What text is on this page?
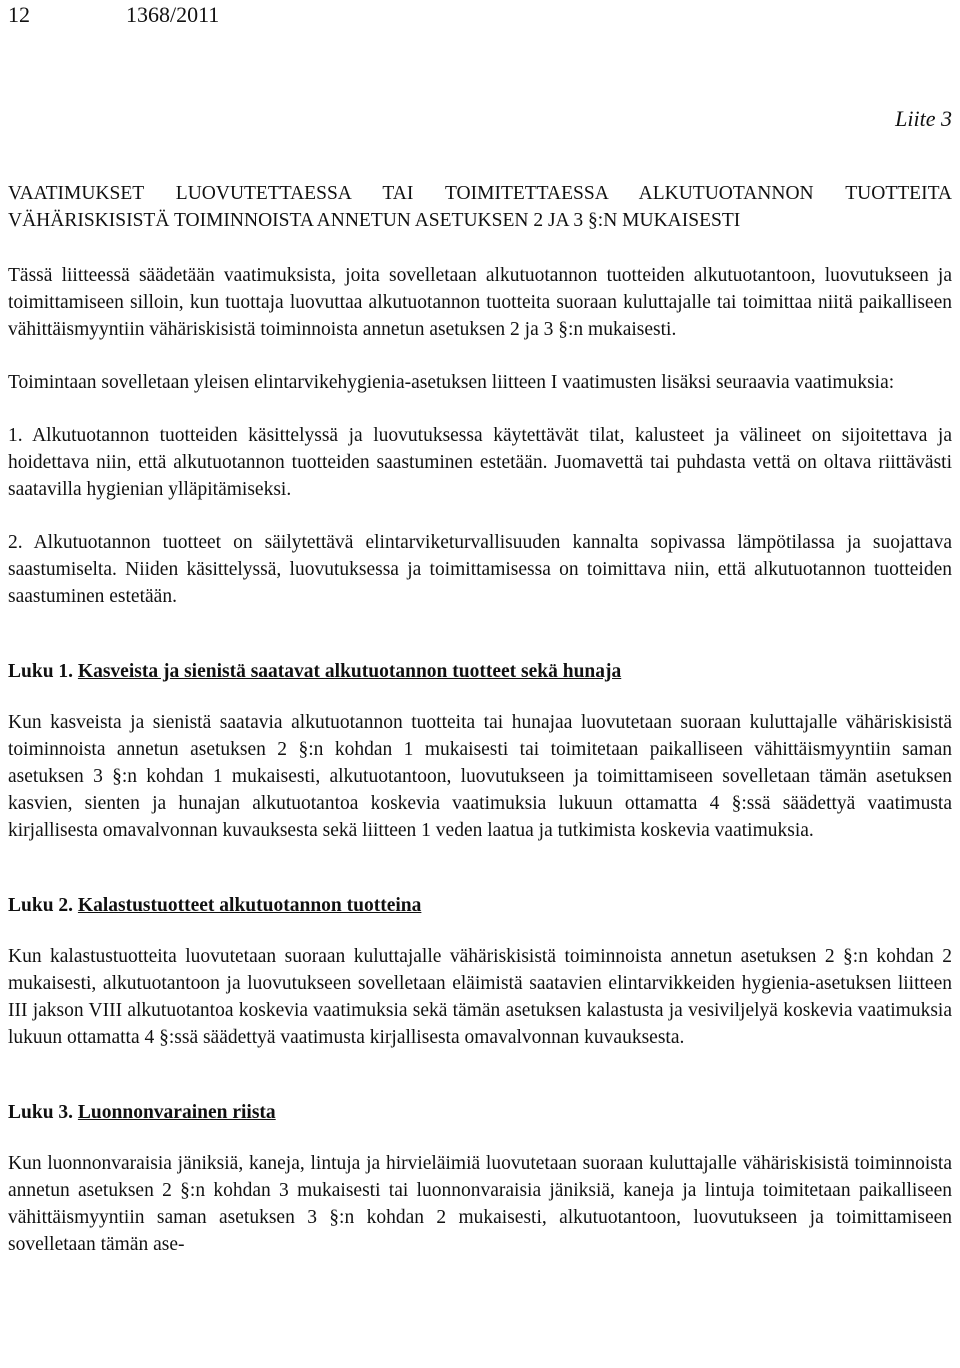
12	1368/2011
Liite 3
VAATIMUKSET LUOVUTETTAESSA TAI TOIMITETTAESSA ALKUTUOTANNON TUOTTEITA VÄHÄRISKISISTÄ TOIMINNOISTA ANNETUN ASETUKSEN 2 JA 3 §:N MUKAISESTI

Tässä liitteessä säädetään vaatimuksista, joita sovelletaan alkutuotannon tuotteiden alkutuotantoon, luovutukseen ja toimittamiseen silloin, kun tuottaja luovuttaa alkutuotannon tuotteita suoraan kuluttajalle tai toimittaa niitä paikalliseen vähittäismyyntiin vähäriskisistä toiminnoista annetun asetuksen 2 ja 3 §:n mukaisesti.

Toimintaan sovelletaan yleisen elintarvikehygienia-asetuksen liitteen I vaatimusten lisäksi seuraavia vaatimuksia:

1. Alkutuotannon tuotteiden käsittelyssä ja luovutuksessa käytettävät tilat, kalusteet ja välineet on sijoitettava ja hoidettava niin, että alkutuotannon tuotteiden saastuminen estetään. Juomavettä tai puhdasta vettä on oltava riittävästi saatavilla hygienian ylläpitämiseksi.

2. Alkutuotannon tuotteet on säilytettävä elintarviketurvallisuuden kannalta sopivassa lämpötilassa ja suojattava saastumiselta. Niiden käsittelyssä, luovutuksessa ja toimittamisessa on toimittava niin, että alkutuotannon tuotteiden saastuminen estetään.

Luku 1. Kasveista ja sienistä saatavat alkutuotannon tuotteet sekä hunaja

Kun kasveista ja sienistä saatavia alkutuotannon tuotteita tai hunajaa luovutetaan suoraan kuluttajalle vähäriskisistä toiminnoista annetun asetuksen 2 §:n kohdan 1 mukaisesti tai toimitetaan paikalliseen vähittäismyyntiin saman asetuksen 3 §:n kohdan 1 mukaisesti, alkutuotantoon, luovutukseen ja toimittamiseen sovelletaan tämän asetuksen kasvien, sienten ja hunajan alkutuotantoa koskevia vaatimuksia lukuun ottamatta 4 §:ssä säädettyä vaatimusta kirjallisesta omavalvonnan kuvauksesta sekä liitteen 1 veden laatua ja tutkimista koskevia vaatimuksia.

Luku 2. Kalastustuotteet alkutuotannon tuotteina

Kun kalastustuotteita luovutetaan suoraan kuluttajalle vähäriskisistä toiminnoista annetun asetuksen 2 §:n kohdan 2 mukaisesti, alkutuotantoon ja luovutukseen sovelletaan eläimistä saatavien elintarvikkeiden hygienia-asetuksen liitteen III jakson VIII alkutuotantoa koskevia vaatimuksia sekä tämän asetuksen kalastusta ja vesiviljelyä koskevia vaatimuksia lukuun ottamatta 4 §:ssä säädettyä vaatimusta kirjallisesta omavalvonnan kuvauksesta.

Luku 3. Luonnonvarainen riista

Kun luonnonvaraisia jäniksiä, kaneja, lintuja ja hirvieläimiä luovutetaan suoraan kuluttajalle vähäriskisistä toiminnoista annetun asetuksen 2 §:n kohdan 3 mukaisesti tai luonnonvaraisia jäniksiä, kaneja ja lintuja toimitetaan paikalliseen vähittäismyyntiin saman asetuksen 3 §:n kohdan 2 mukaisesti, alkutuotantoon, luovutukseen ja toimittamiseen sovelletaan tämän ase-
